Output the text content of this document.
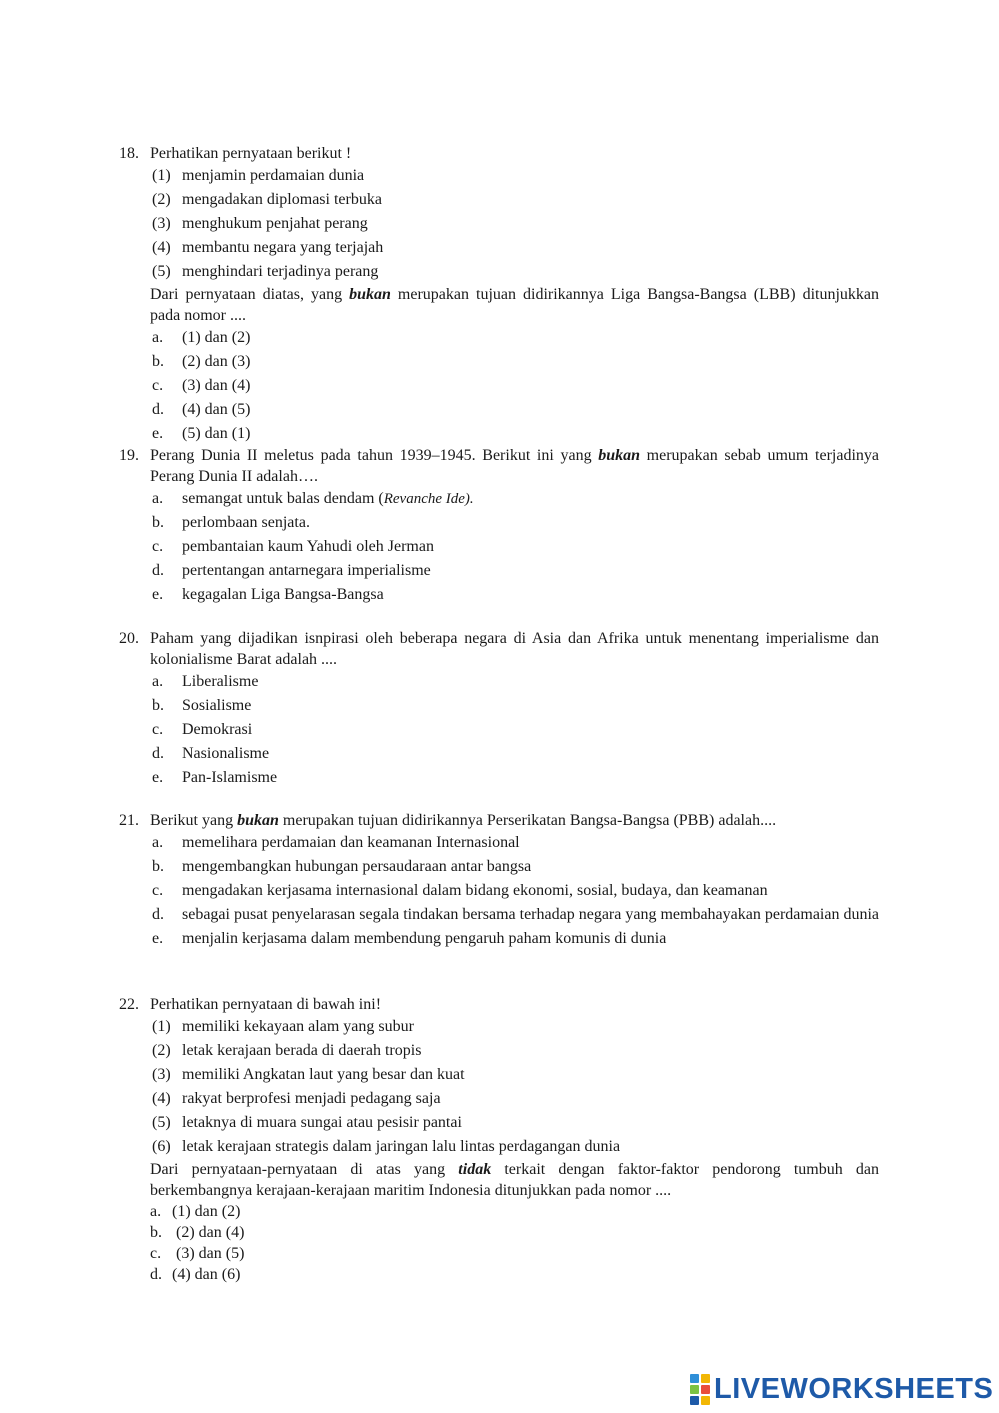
18. Perhatikan pernyataan berikut !
(1) menjamin perdamaian dunia
(2) mengadakan diplomasi terbuka
(3) menghukum penjahat perang
(4) membantu negara yang terjajah
(5) menghindari terjadinya perang
Dari pernyataan diatas, yang bukan merupakan tujuan didirikannya Liga Bangsa-Bangsa (LBB) ditunjukkan pada nomor ....
a. (1) dan (2)
b. (2) dan (3)
c. (3) dan (4)
d. (4) dan (5)
e. (5) dan (1)
19. Perang Dunia II meletus pada tahun 1939–1945. Berikut ini yang bukan merupakan sebab umum terjadinya Perang Dunia II adalah….
a. semangat untuk balas dendam (Revanche Ide).
b. perlombaan senjata.
c. pembantaian kaum Yahudi oleh Jerman
d. pertentangan antarnegara imperialisme
e. kegagalan Liga Bangsa-Bangsa
20. Paham yang dijadikan isnpirasi oleh beberapa negara di Asia dan Afrika untuk menentang imperialisme dan kolonialisme Barat adalah ....
a. Liberalisme
b. Sosialisme
c. Demokrasi
d. Nasionalisme
e. Pan-Islamisme
21. Berikut yang bukan merupakan tujuan didirikannya Perserikatan Bangsa-Bangsa (PBB) adalah....
a. memelihara perdamaian dan keamanan Internasional
b. mengembangkan hubungan persaudaraan antar bangsa
c. mengadakan kerjasama internasional dalam bidang ekonomi, sosial, budaya, dan keamanan
d. sebagai pusat penyelarasan segala tindakan bersama terhadap negara yang membahayakan perdamaian dunia
e. menjalin kerjasama dalam membendung pengaruh paham komunis di dunia
22. Perhatikan pernyataan di bawah ini!
(1) memiliki kekayaan alam yang subur
(2) letak kerajaan berada di daerah tropis
(3) memiliki Angkatan laut yang besar dan kuat
(4) rakyat berprofesi menjadi pedagang saja
(5) letaknya di muara sungai atau pesisir pantai
(6) letak kerajaan strategis dalam jaringan lalu lintas perdagangan dunia
Dari pernyataan-pernyataan di atas yang tidak terkait dengan faktor-faktor pendorong tumbuh dan berkembangnya kerajaan-kerajaan maritim Indonesia ditunjukkan pada nomor ....
a. (1) dan (2)
b. (2) dan (4)
c. (3) dan (5)
d. (4) dan (6)
LIVEWORKSHEETS
